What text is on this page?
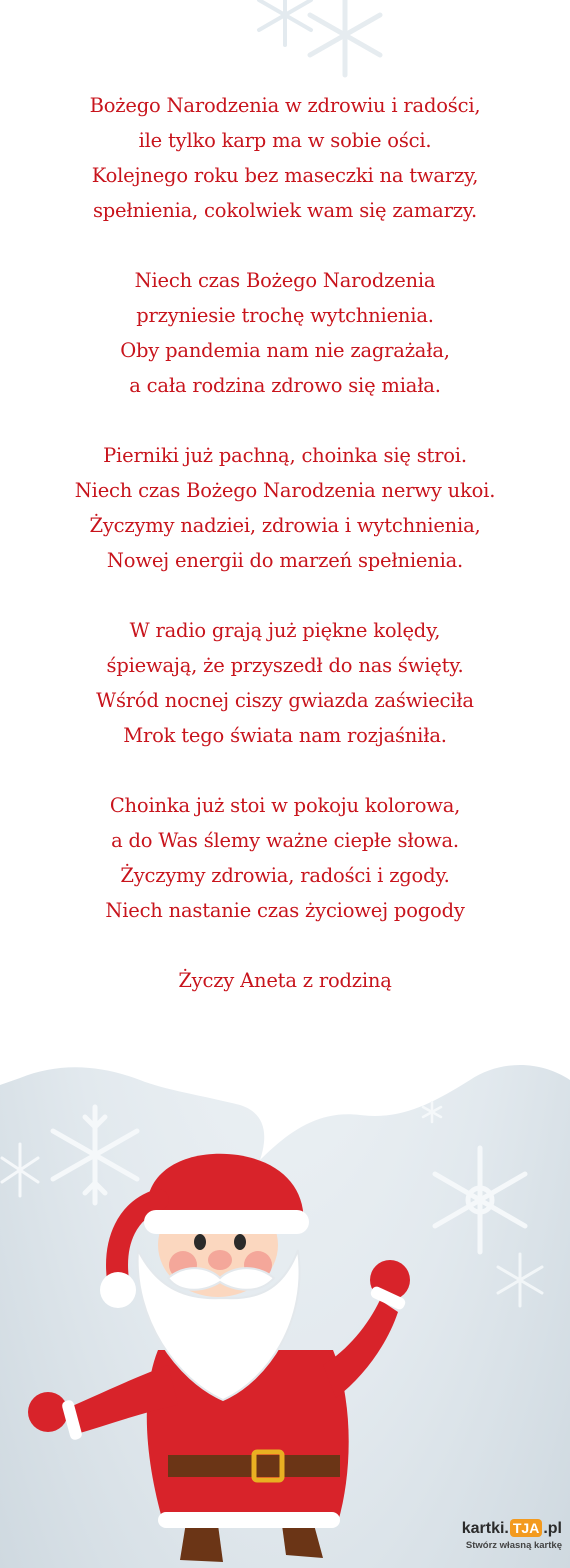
Bożego Narodzenia w zdrowiu i radości,
ile tylko karp ma w sobie ości.
Kolejnego roku bez maseczki na twarzy,
spełnienia, cokolwiek wam się zamarzy.
Niech czas Bożego Narodzenia
przyniesie trochę wytchnienia.
Oby pandemia nam nie zagrażała,
a cała rodzina zdrowo się miała.
Pierniki już pachną, choinka się stroi.
Niech czas Bożego Narodzenia nerwy ukoi.
Życzymy nadziei, zdrowia i wytchnienia,
Nowej energii do marzeń spełnienia.
W radio grają już piękne kolędy,
śpiewają, że przyszedł do nas święty.
Wśród nocnej ciszy gwiazda zaświeciła
Mrok tego świata nam rozjaśniła.
Choinka już stoi w pokoju kolorowa,
a do Was ślemy ważne ciepłe słowa.
Życzymy zdrowia, radości i zgody.
Niech nastanie czas życiowej pogody
Życzy Aneta z rodziną
kartki. TJA .pl
Stwórz własną kartkę
